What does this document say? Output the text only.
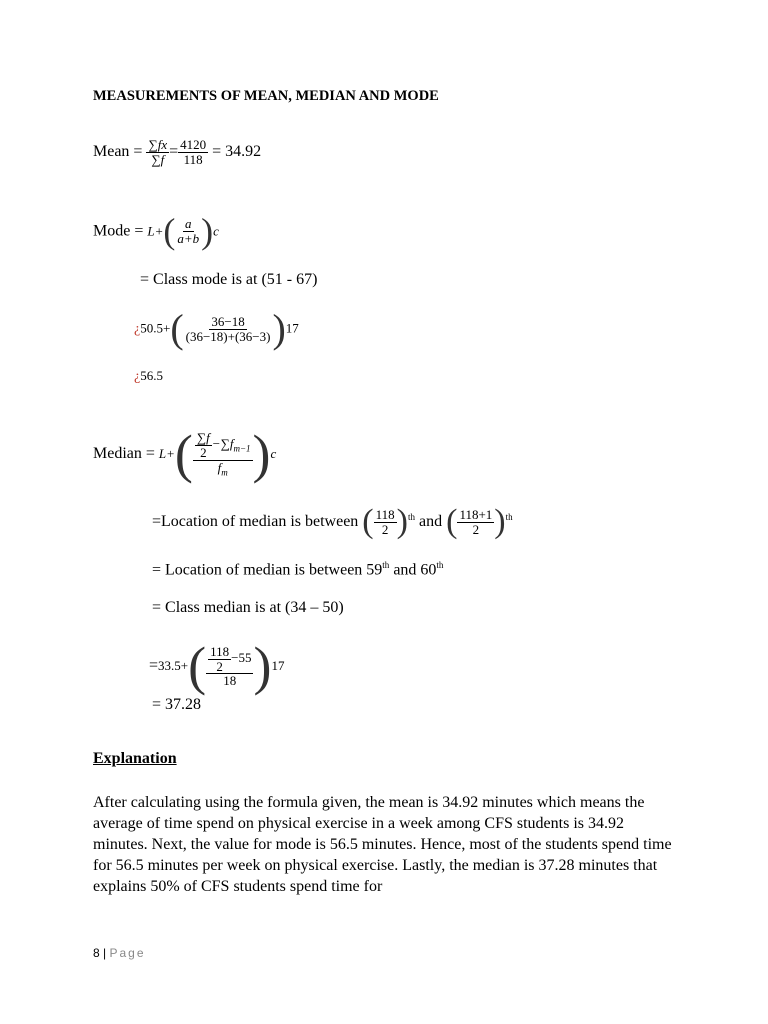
MEASUREMENTS OF MEAN, MEDIAN AND MODE
Mean = $\frac{\sum fx}{\sum f} = \frac{4120}{118} = 34.92$
Mode = $L+( \frac{a}{a+b} )c$
= Class mode is at (51 - 67)
¿$50.5+( \frac{36-18}{(36-18)+(36-3)} )17$
¿56.5
Median = $L+( \frac{\frac{\sum f}{2} -\sum f_{m-1}}{f_m} )c$
=Location of median is between ( $\frac{118}{2} )^{th}$ and ( $\frac{118+1}{2} )^{th}$
= Location of median is between 59th and 60th
= Class median is at (34 – 50)
$=33.5+( \frac{\frac{118}{2} -55}{18} )17$
= 37.28
Explanation
After calculating using the formula given, the mean is 34.92 minutes which means the average of time spend on physical exercise in a week among CFS students is 34.92 minutes. Next, the value for mode is 56.5 minutes. Hence, most of the students spend time for 56.5 minutes per week on physical exercise. Lastly, the median is 37.28 minutes that explains 50% of CFS students spend time for
8 | Page
